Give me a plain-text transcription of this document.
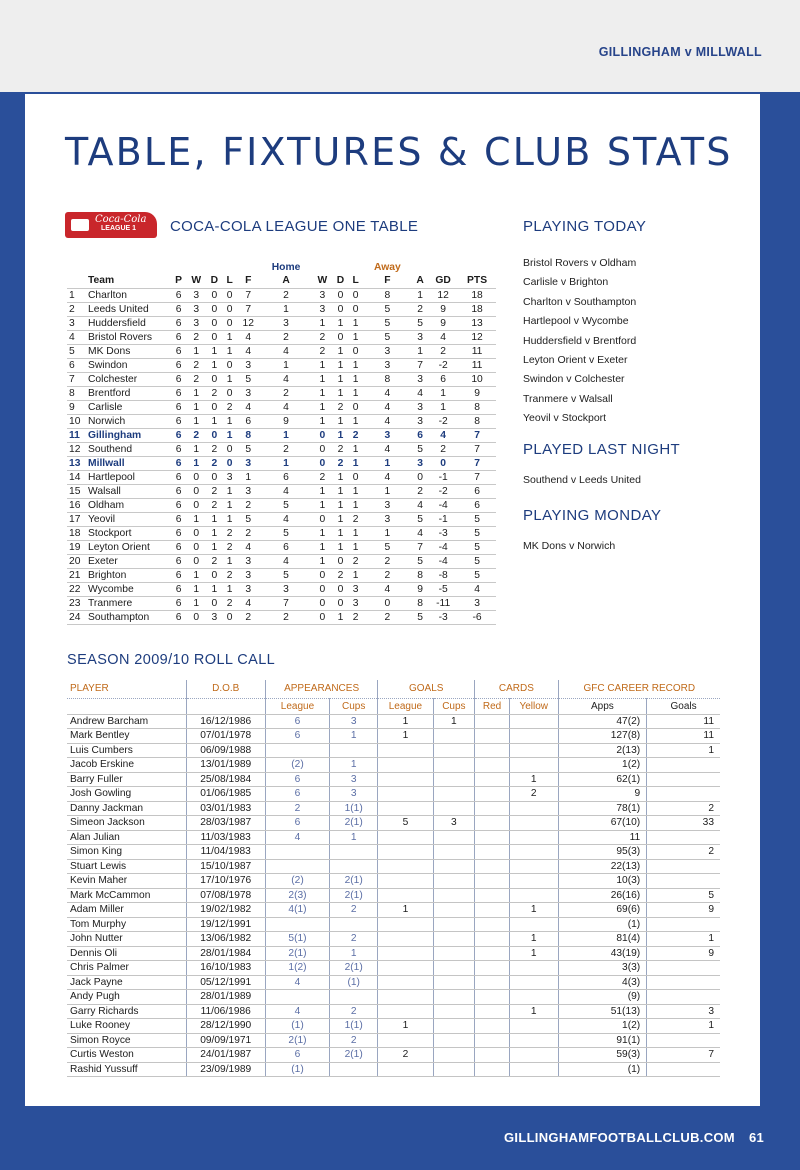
GILLINGHAM v MILLWALL
TABLE, FIXTURES & CLUB STATS
Coca-Cola
LEAGUE 1 COCA-COLA LEAGUE ONE TABLE
							Home				Away			
	Team	P	W	D	L	F	A	W	D	L	F	A	GD	PTS
1	Charlton	6	3	0	0	7	2	3	0	0	8	1	12	18
2	Leeds United	6	3	0	0	7	1	3	0	0	5	2	9	18
3	Huddersfield	6	3	0	0	12	3	1	1	1	5	5	9	13
4	Bristol Rovers	6	2	0	1	4	2	2	0	1	5	3	4	12
5	MK Dons	6	1	1	1	4	4	2	1	0	3	1	2	11
6	Swindon	6	2	1	0	3	1	1	1	1	3	7	-2	11
7	Colchester	6	2	0	1	5	4	1	1	1	8	3	6	10
8	Brentford	6	1	2	0	3	2	1	1	1	4	4	1	9
9	Carlisle	6	1	0	2	4	4	1	2	0	4	3	1	8
10	Norwich	6	1	1	1	6	9	1	1	1	4	3	-2	8
11	Gillingham	6	2	0	1	8	1	0	1	2	3	6	4	7
12	Southend	6	1	2	0	5	2	0	2	1	4	5	2	7
13	Millwall	6	1	2	0	3	1	0	2	1	1	3	0	7
14	Hartlepool	6	0	0	3	1	6	2	1	0	4	0	-1	7
15	Walsall	6	0	2	1	3	4	1	1	1	1	2	-2	6
16	Oldham	6	0	2	1	2	5	1	1	1	3	4	-4	6
17	Yeovil	6	1	1	1	5	4	0	1	2	3	5	-1	5
18	Stockport	6	0	1	2	2	5	1	1	1	1	4	-3	5
19	Leyton Orient	6	0	1	2	4	6	1	1	1	5	7	-4	5
20	Exeter	6	0	2	1	3	4	1	0	2	2	5	-4	5
21	Brighton	6	1	0	2	3	5	0	2	1	2	8	-8	5
22	Wycombe	6	1	1	1	3	3	0	0	3	4	9	-5	4
23	Tranmere	6	1	0	2	4	7	0	0	3	0	8	-11	3
24	Southampton	6	0	3	0	2	2	0	1	2	2	5	-3	-6
PLAYING TODAY
Bristol Rovers v Oldham
Carlisle v Brighton
Charlton v Southampton
Hartlepool v Wycombe
Huddersfield v Brentford
Leyton Orient v Exeter
Swindon v Colchester
Tranmere v Walsall
Yeovil v Stockport
PLAYED LAST NIGHT
Southend v Leeds United
PLAYING MONDAY
MK Dons v Norwich
SEASON 2009/10 ROLL CALL
PLAYER	D.O.B	APPEARANCES		GOALS		CARDS		GFC CAREER RECORD	
		League	Cups	League	Cups	Red	Yellow	Apps	Goals
Andrew Barcham	16/12/1986	6	3	1	1			47(2)	11
Mark Bentley	07/01/1978	6	1	1				127(8)	11
Luis Cumbers	06/09/1988							2(13)	1
Jacob Erskine	13/01/1989	(2)	1					1(2)	
Barry Fuller	25/08/1984	6	3				1	62(1)	
Josh Gowling	01/06/1985	6	3				2	9	
Danny Jackman	03/01/1983	2	1(1)					78(1)	2
Simeon Jackson	28/03/1987	6	2(1)	5	3			67(10)	33
Alan Julian	11/03/1983	4	1					11	
Simon King	11/04/1983							95(3)	2
Stuart Lewis	15/10/1987							22(13)	
Kevin Maher	17/10/1976	(2)	2(1)					10(3)	
Mark McCammon	07/08/1978	2(3)	2(1)					26(16)	5
Adam Miller	19/02/1982	4(1)	2	1			1	69(6)	9
Tom Murphy	19/12/1991							(1)	
John Nutter	13/06/1982	5(1)	2				1	81(4)	1
Dennis Oli	28/01/1984	2(1)	1				1	43(19)	9
Chris Palmer	16/10/1983	1(2)	2(1)					3(3)	
Jack Payne	05/12/1991	4	(1)					4(3)	
Andy Pugh	28/01/1989							(9)	
Garry Richards	11/06/1986	4	2				1	51(13)	3
Luke Rooney	28/12/1990	(1)	1(1)	1				1(2)	1
Simon Royce	09/09/1971	2(1)	2					91(1)	
Curtis Weston	24/01/1987	6	2(1)	2				59(3)	7
Rashid Yussuff	23/09/1989	(1)						(1)	
GILLINGHAMFOOTBALLCLUB.COM 61
